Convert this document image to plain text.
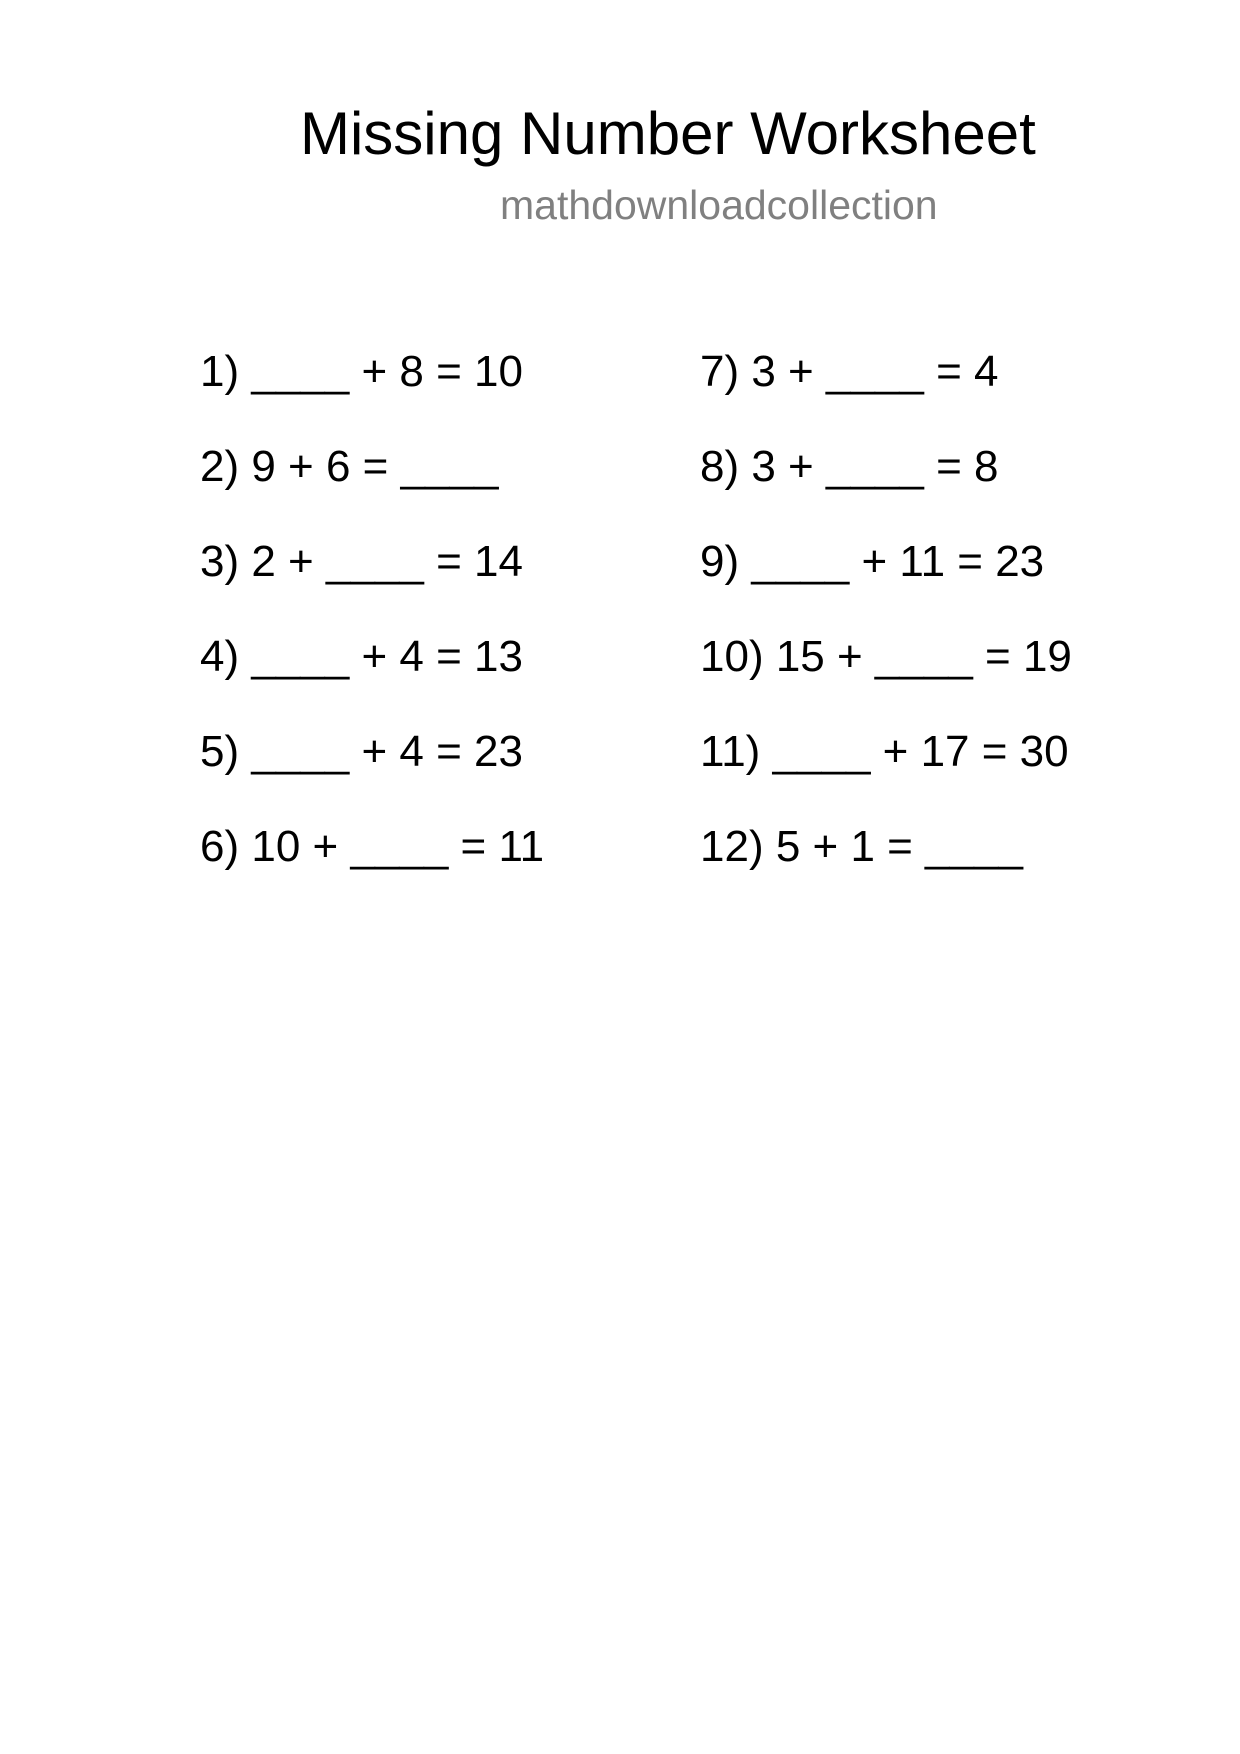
Missing Number Worksheet
mathdownloadcollection
1) ____ + 8 = 10
2) 9 + 6 = ____
3) 2 + ____ = 14
4) ____ + 4 = 13
5) ____ + 4 = 23
6) 10 + ____ = 11
7) 3 + ____ = 4
8) 3 + ____ = 8
9) ____ + 11 = 23
10) 15 + ____ = 19
11) ____ + 17 = 30
12) 5 + 1 = ____
